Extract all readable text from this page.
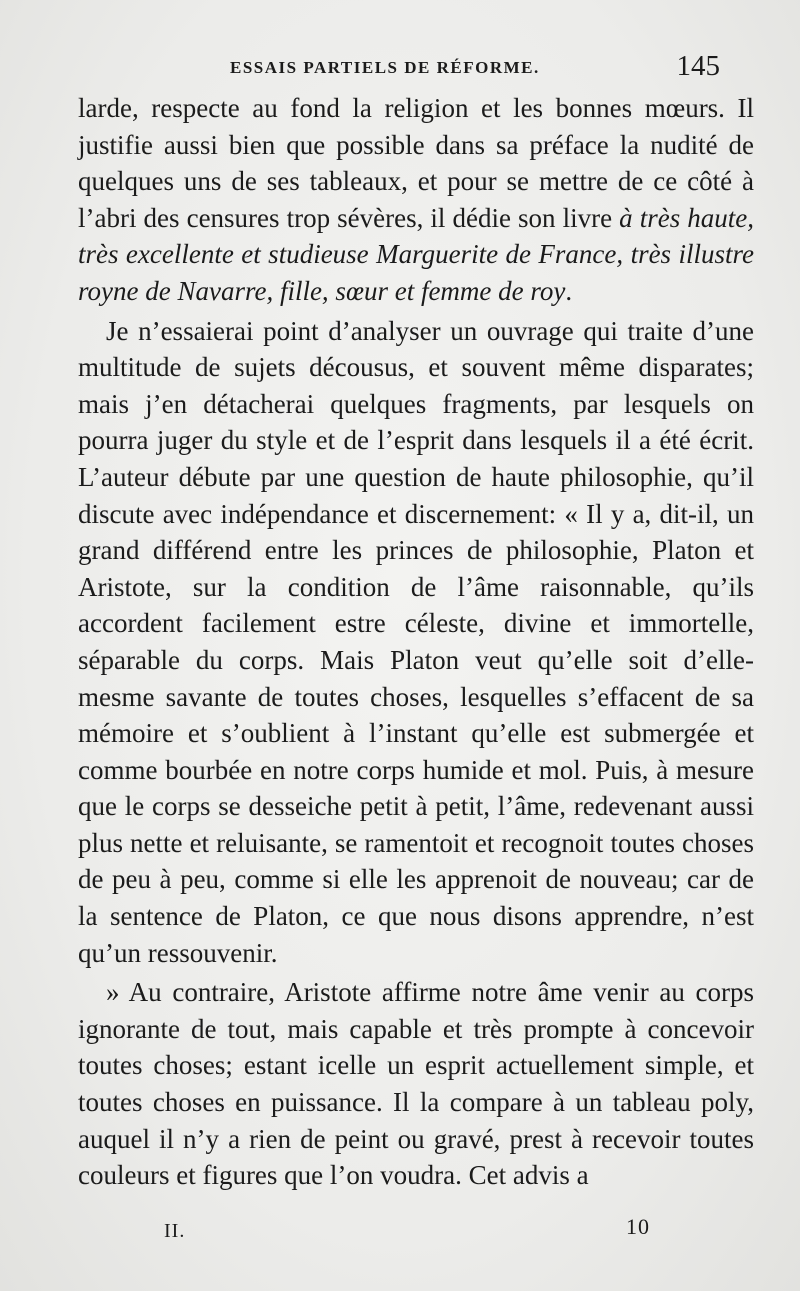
ESSAIS PARTIELS DE RÉFORME.	145

larde, respecte au fond la religion et les bonnes mœurs. Il justifie aussi bien que possible dans sa préface la nudité de quelques uns de ses tableaux, et pour se mettre de ce côté à l’abri des censures trop sévères, il dédie son livre à très haute, très excellente et studieuse Marguerite de France, très illustre royne de Navarre, fille, sœur et femme de roy.

Je n’essaierai point d’analyser un ouvrage qui traite d’une multitude de sujets décousus, et souvent même disparates; mais j’en détacherai quelques fragments, par lesquels on pourra juger du style et de l’esprit dans lesquels il a été écrit. L’auteur débute par une question de haute philosophie, qu’il discute avec indépendance et discernement: « Il y a, dit-il, un grand différend entre les princes de philosophie, Platon et Aristote, sur la condition de l’âme raisonnable, qu’ils accordent facilement estre céleste, divine et immortelle, séparable du corps. Mais Platon veut qu’elle soit d’elle-mesme savante de toutes choses, lesquelles s’effacent de sa mémoire et s’oublient à l’instant qu’elle est submergée et comme bourbée en notre corps humide et mol. Puis, à mesure que le corps se desseiche petit à petit, l’âme, redevenant aussi plus nette et reluisante, se ramentoit et recognoit toutes choses de peu à peu, comme si elle les apprenoit de nouveau; car de la sentence de Platon, ce que nous disons apprendre, n’est qu’un ressouvenir.

» Au contraire, Aristote affirme notre âme venir au corps ignorante de tout, mais capable et très prompte à concevoir toutes choses; estant icelle un esprit actuellement simple, et toutes choses en puissance. Il la compare à un tableau poly, auquel il n’y a rien de peint ou gravé, prest à recevoir toutes couleurs et figures que l’on voudra. Cet advis a

II.	10
